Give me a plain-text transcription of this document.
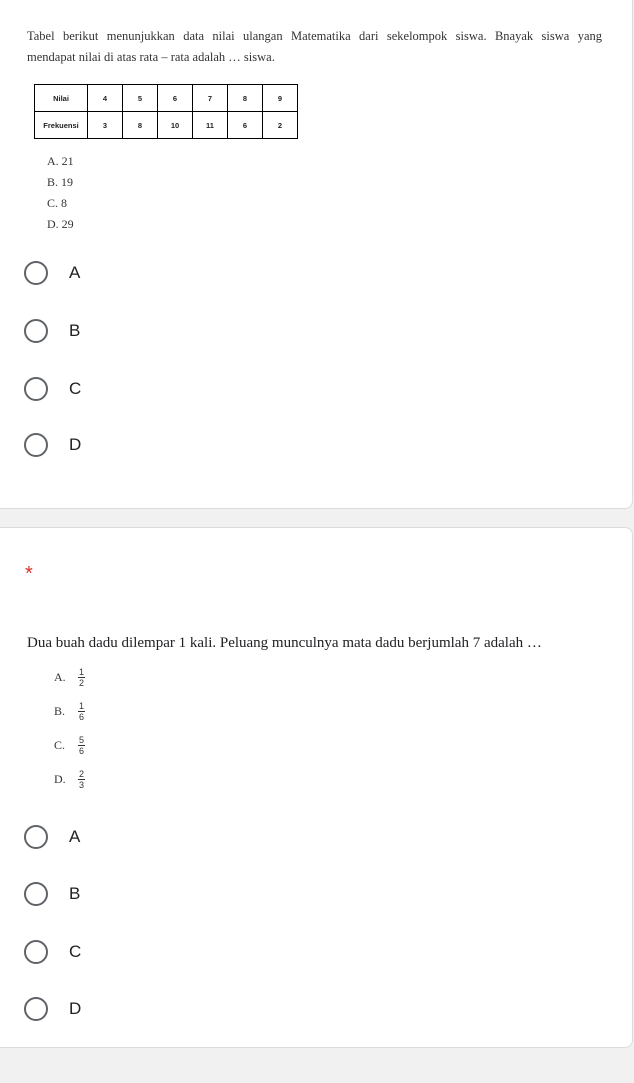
Tabel berikut menunjukkan data nilai ulangan Matematika dari sekelompok siswa. Bnayak siswa yang
mendapat nilai di atas rata – rata adalah … siswa.
Nilai	4	5	6	7	8	9
Frekuensi	3	8	10	11	6	2
A. 21
B. 19
C. 8
D. 29
A
B
C
D
*
Dua buah dadu dilempar 1 kali. Peluang munculnya mata dadu berjumlah 7 adalah …
A.	$\frac{1}{2}$
B.	$\frac{1}{6}$
C.	$\frac{5}{6}$
D.	$\frac{2}{3}$
A
B
C
D
